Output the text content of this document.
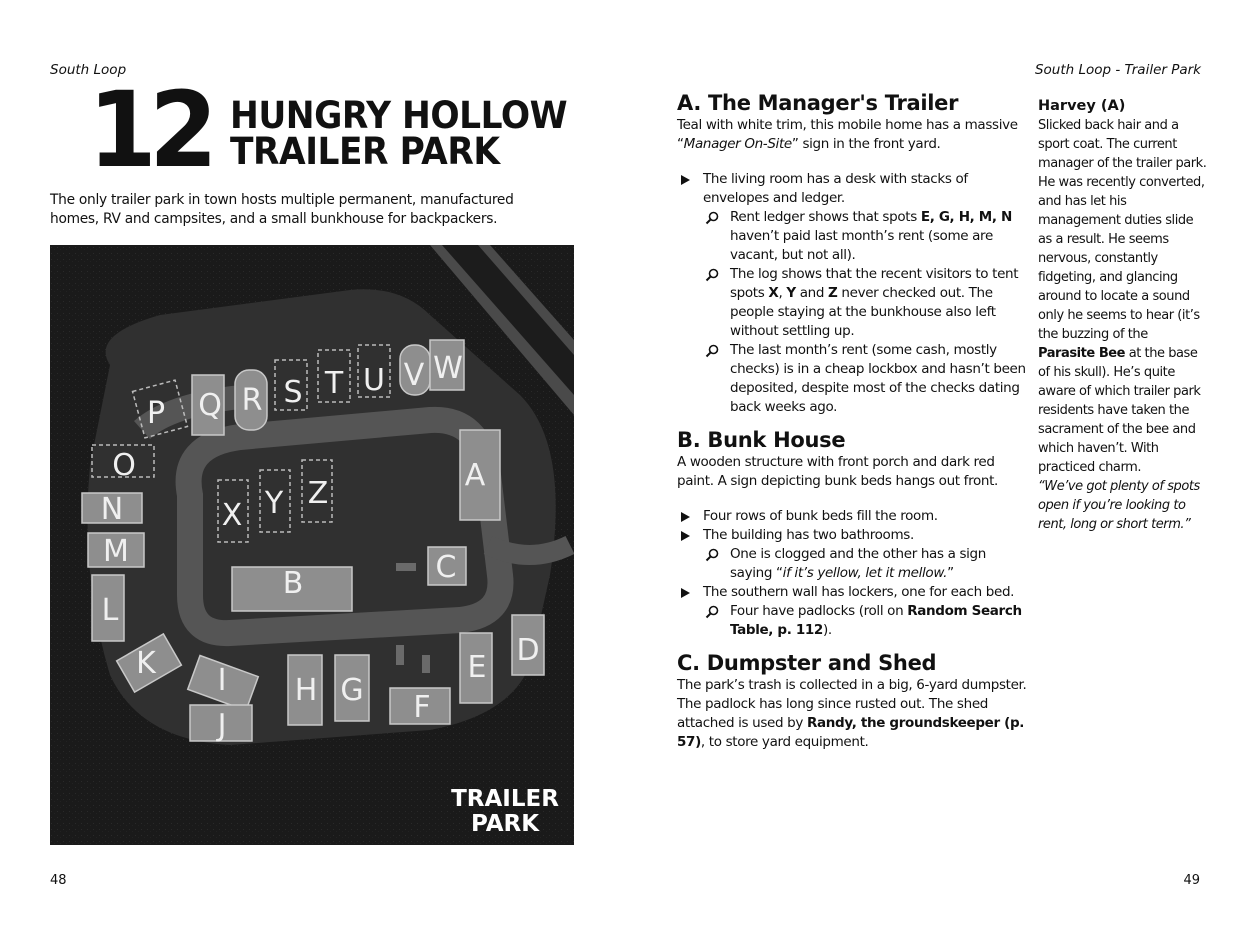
South Loop	South Loop - Trailer Park
12 HUNGRY HOLLOW
TRAILER PARK
The only trailer park in town hosts multiple permanent, manufactured homes, RV and campsites, and a small bunkhouse for backpackers.
A
B	C
D
E
F
G
H
I
J
K
L
M
N
O
P Q R S T U V W
X Y Z
TRAILER
PARK
A. The Manager's Trailer
Teal with white trim, this mobile home has a massive “Manager On-Site” sign in the front yard.
The living room has a desk with stacks of envelopes and ledger.
Rent ledger shows that spots E, G, H, M, N haven’t paid last month’s rent (some are vacant, but not all).
The log shows that the recent visitors to tent spots X, Y and Z never checked out. The people staying at the bunkhouse also left without settling up.
The last month’s rent (some cash, mostly checks) is in a cheap lockbox and hasn’t been deposited, despite most of the checks dating back weeks ago.
B. Bunk House
A wooden structure with front porch and dark red paint. A sign depicting bunk beds hangs out front.
Four rows of bunk beds fill the room.
The building has two bathrooms.
One is clogged and the other has a sign saying “if it’s yellow, let it mellow.”
The southern wall has lockers, one for each bed.
Four have padlocks (roll on Random Search Table, p. 112).
C. Dumpster and Shed
The park’s trash is collected in a big, 6-yard dumpster. The padlock has long since rusted out. The shed attached is used by Randy, the groundskeeper (p. 57), to store yard equipment.
Harvey (A)
Slicked back hair and a sport coat. The current manager of the trailer park. He was recently converted, and has let his management duties slide as a result. He seems nervous, constantly fidgeting, and glancing around to locate a sound only he seems to hear (it’s the buzzing of the Parasite Bee at the base of his skull). He’s quite aware of which trailer park residents have taken the sacrament of the bee and which haven’t. With practiced charm.
“We’ve got plenty of spots open if you’re looking to rent, long or short term.”
48	49
